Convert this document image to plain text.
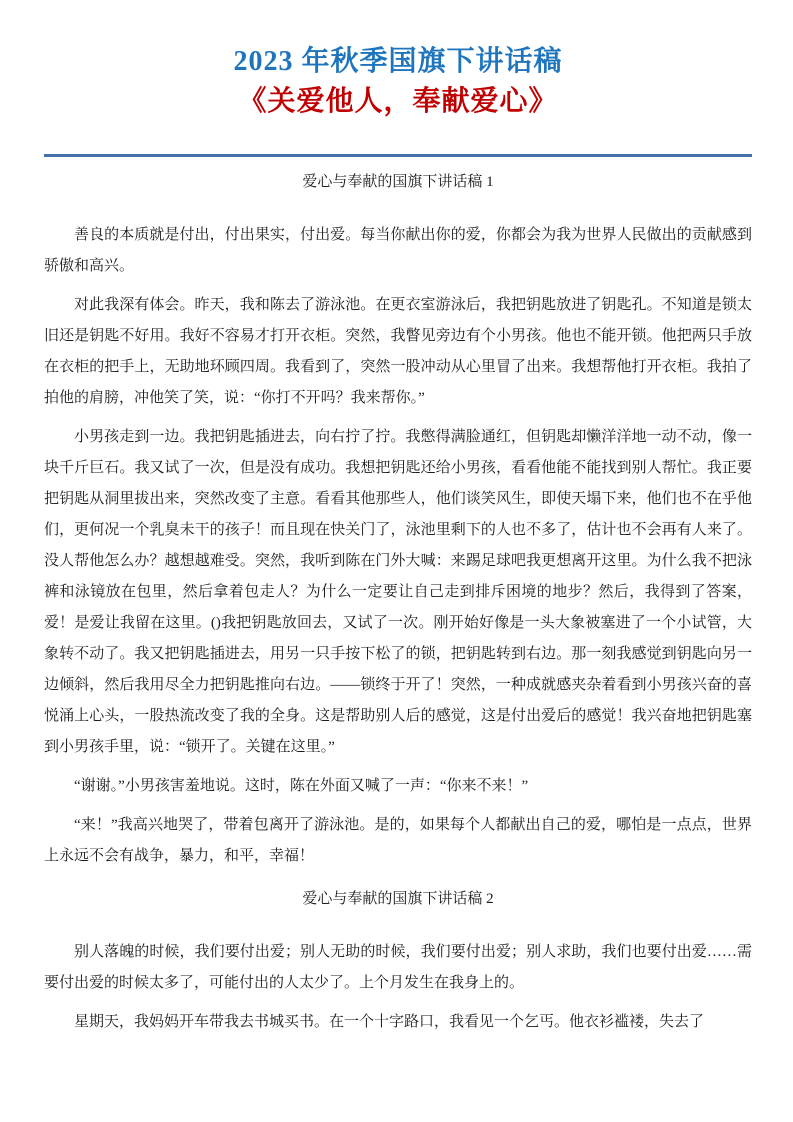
2023 年秋季国旗下讲话稿
《关爱他人，奉献爱心》
爱心与奉献的国旗下讲话稿 1

善良的本质就是付出，付出果实，付出爱。每当你献出你的爱，你都会为我为世界人民做出的贡献感到骄傲和高兴。

对此我深有体会。昨天，我和陈去了游泳池。在更衣室游泳后，我把钥匙放进了钥匙孔。不知道是锁太旧还是钥匙不好用。我好不容易才打开衣柜。突然，我瞥见旁边有个小男孩。他也不能开锁。他把两只手放在衣柜的把手上，无助地环顾四周。我看到了，突然一股冲动从心里冒了出来。我想帮他打开衣柜。我拍了拍他的肩膀，冲他笑了笑，说：“你打不开吗？我来帮你。”

小男孩走到一边。我把钥匙插进去，向右拧了拧。我憋得满脸通红，但钥匙却懒洋洋地一动不动，像一块千斤巨石。我又试了一次，但是没有成功。我想把钥匙还给小男孩，看看他能不能找到别人帮忙。我正要把钥匙从洞里拔出来，突然改变了主意。看看其他那些人，他们谈笑风生，即使天塌下来，他们也不在乎他们，更何况一个乳臭未干的孩子！而且现在快关门了，泳池里剩下的人也不多了，估计也不会再有人来了。没人帮他怎么办？越想越难受。突然，我听到陈在门外大喊：来踢足球吧我更想离开这里。为什么我不把泳裤和泳镜放在包里，然后拿着包走人？为什么一定要让自己走到排斥困境的地步？然后，我得到了答案，爱！是爱让我留在这里。()我把钥匙放回去，又试了一次。刚开始好像是一头大象被塞进了一个小试管，大象转不动了。我又把钥匙插进去，用另一只手按下松了的锁，把钥匙转到右边。那一刻我感觉到钥匙向另一边倾斜，然后我用尽全力把钥匙推向右边。——锁终于开了！突然，一种成就感夹杂着看到小男孩兴奋的喜悦涌上心头，一股热流改变了我的全身。这是帮助别人后的感觉，这是付出爱后的感觉！我兴奋地把钥匙塞到小男孩手里，说：“锁开了。关键在这里。”

“谢谢。”小男孩害羞地说。这时，陈在外面又喊了一声：“你来不来！”

“来！”我高兴地哭了，带着包离开了游泳池。是的，如果每个人都献出自己的爱，哪怕是一点点，世界上永远不会有战争，暴力，和平，幸福！

爱心与奉献的国旗下讲话稿 2

别人落魄的时候，我们要付出爱；别人无助的时候，我们要付出爱；别人求助，我们也要付出爱……需要付出爱的时候太多了，可能付出的人太少了。上个月发生在我身上的。

星期天，我妈妈开车带我去书城买书。在一个十字路口，我看见一个乞丐。他衣衫褴褛，失去了
